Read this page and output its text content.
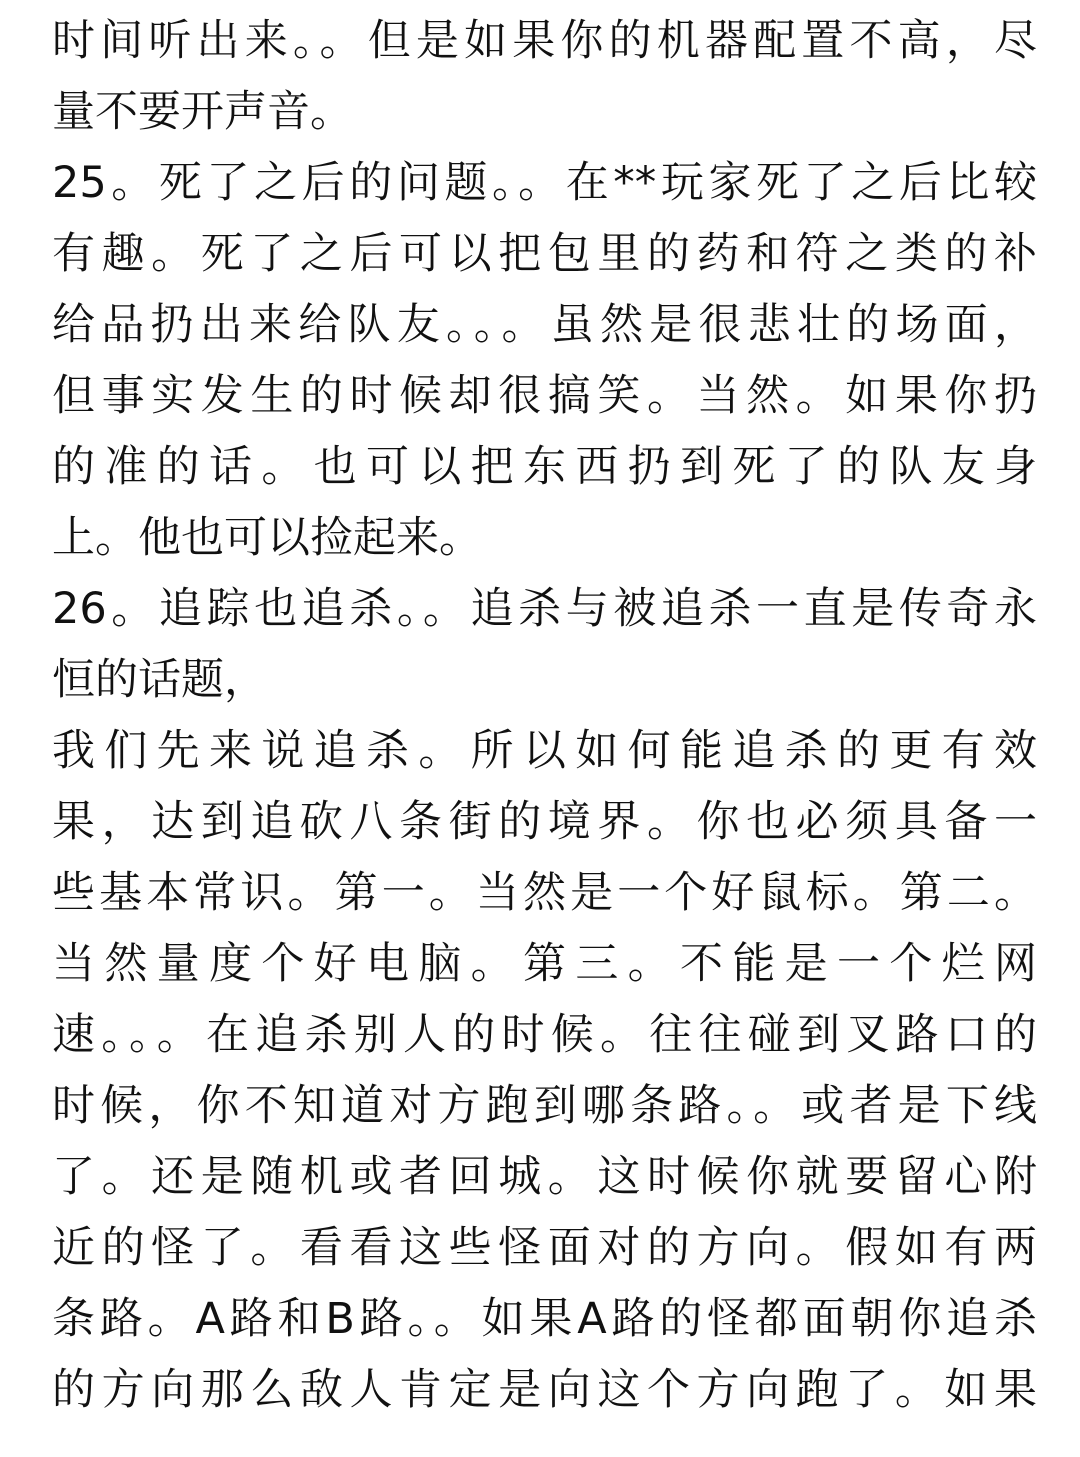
时间听出来。。但是如果你的机器配置不高，尽
量不要开声音。
25。死了之后的问题。。在**玩家死了之后比较
有趣。死了之后可以把包里的药和符之类的补
给品扔出来给队友。。。虽然是很悲壮的场面，
但事实发生的时候却很搞笑。当然。如果你扔
的准的话。也可以把东西扔到死了的队友身
上。他也可以捡起来。
26。追踪也追杀。。追杀与被追杀一直是传奇永
恒的话题，
我们先来说追杀。所以如何能追杀的更有效
果，达到追砍八条街的境界。你也必须具备一
些基本常识。第一。当然是一个好鼠标。第二。
当然量度个好电脑。第三。不能是一个烂网
速。。。在追杀别人的时候。往往碰到叉路口的
时候，你不知道对方跑到哪条路。。或者是下线
了。还是随机或者回城。这时候你就要留心附
近的怪了。看看这些怪面对的方向。假如有两
条路。A路和B路。。如果A路的怪都面朝你追杀
的方向那么敌人肯定是向这个方向跑了。如果
